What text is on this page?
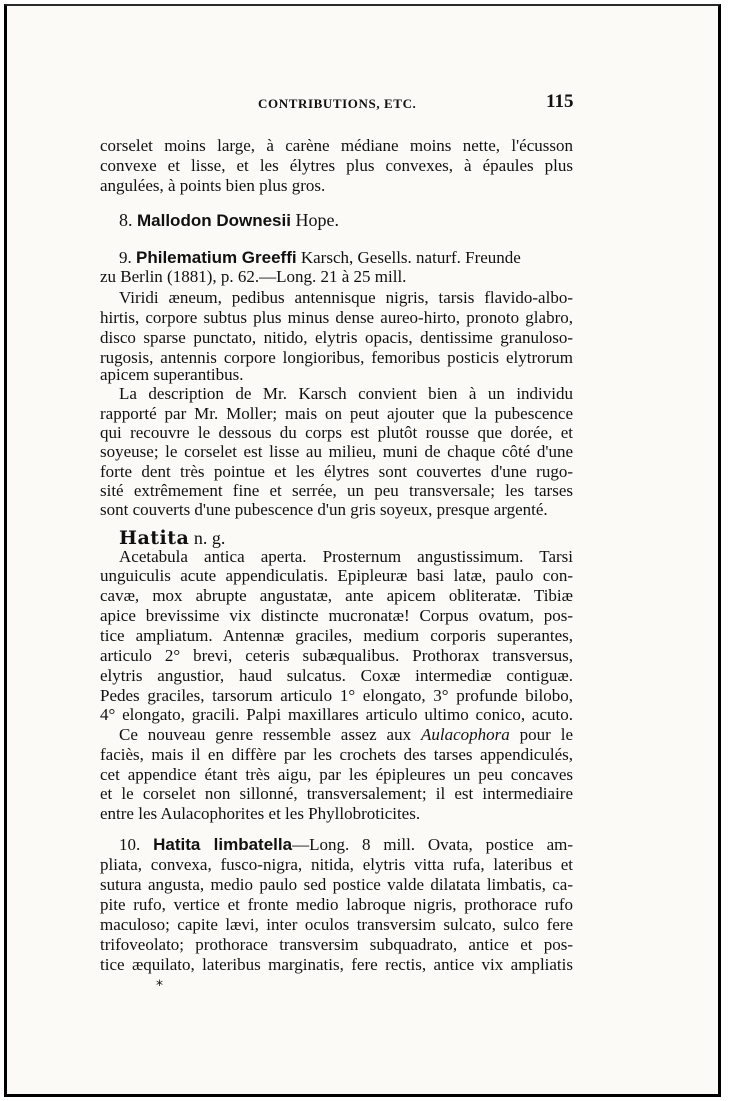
CONTRIBUTIONS, ETC.	115
corselet moins large, à carène médiane moins nette, l'écusson
convexe et lisse, et les élytres plus convexes, à épaules plus
angulées, à points bien plus gros.
8. Mallodon Downesii Hope.
9. Philematium Greeffi Karsch, Gesells. naturf. Freunde
zu Berlin (1881), p. 62.—Long. 21 à 25 mill.
Viridi æneum, pedibus antennisque nigris, tarsis flavido-albo-
hirtis, corpore subtus plus minus dense aureo-hirto, pronoto glabro,
disco sparse punctato, nitido, elytris opacis, dentissime granuloso-
rugosis, antennis corpore longioribus, femoribus posticis elytrorum
apicem superantibus.
La description de Mr. Karsch convient bien à un individu
rapporté par Mr. Moller; mais on peut ajouter que la pubescence
qui recouvre le dessous du corps est plutôt rousse que dorée, et
soyeuse; le corselet est lisse au milieu, muni de chaque côté d'une
forte dent très pointue et les élytres sont couvertes d'une rugo-
sité extrêmement fine et serrée, un peu transversale; les tarses
sont couverts d'une pubescence d'un gris soyeux, presque argenté.
Hatita n. g.
Acetabula antica aperta. Prosternum angustissimum. Tarsi
unguiculis acute appendiculatis. Epipleuræ basi latæ, paulo con-
cavæ, mox abrupte angustatæ, ante apicem obliteratæ. Tibiæ
apice brevissime vix distincte mucronatæ! Corpus ovatum, pos-
tice ampliatum. Antennæ graciles, medium corporis superantes,
articulo 2° brevi, ceteris subæqualibus. Prothorax transversus,
elytris angustior, haud sulcatus. Coxæ intermediæ contiguæ.
Pedes graciles, tarsorum articulo 1° elongato, 3° profunde bilobo,
4° elongato, gracili. Palpi maxillares articulo ultimo conico, acuto.
Ce nouveau genre ressemble assez aux Aulacophora pour le
faciès, mais il en diffère par les crochets des tarses appendiculés,
cet appendice étant très aigu, par les épipleures un peu concaves
et le corselet non sillonné, transversalement; il est intermediaire
entre les Aulacophorites et les Phyllobroticites.
10. Hatita limbatella—Long. 8 mill. Ovata, postice am-
pliata, convexa, fusco-nigra, nitida, elytris vitta rufa, lateribus et
sutura angusta, medio paulo sed postice valde dilatata limbatis, ca-
pite rufo, vertice et fronte medio labroque nigris, prothorace rufo
maculoso; capite lævi, inter oculos transversim sulcato, sulco fere
trifoveolato; prothorace transversim subquadrato, antice et pos-
tice æquilato, lateribus marginatis, fere rectis, antice vix ampliatis
*
